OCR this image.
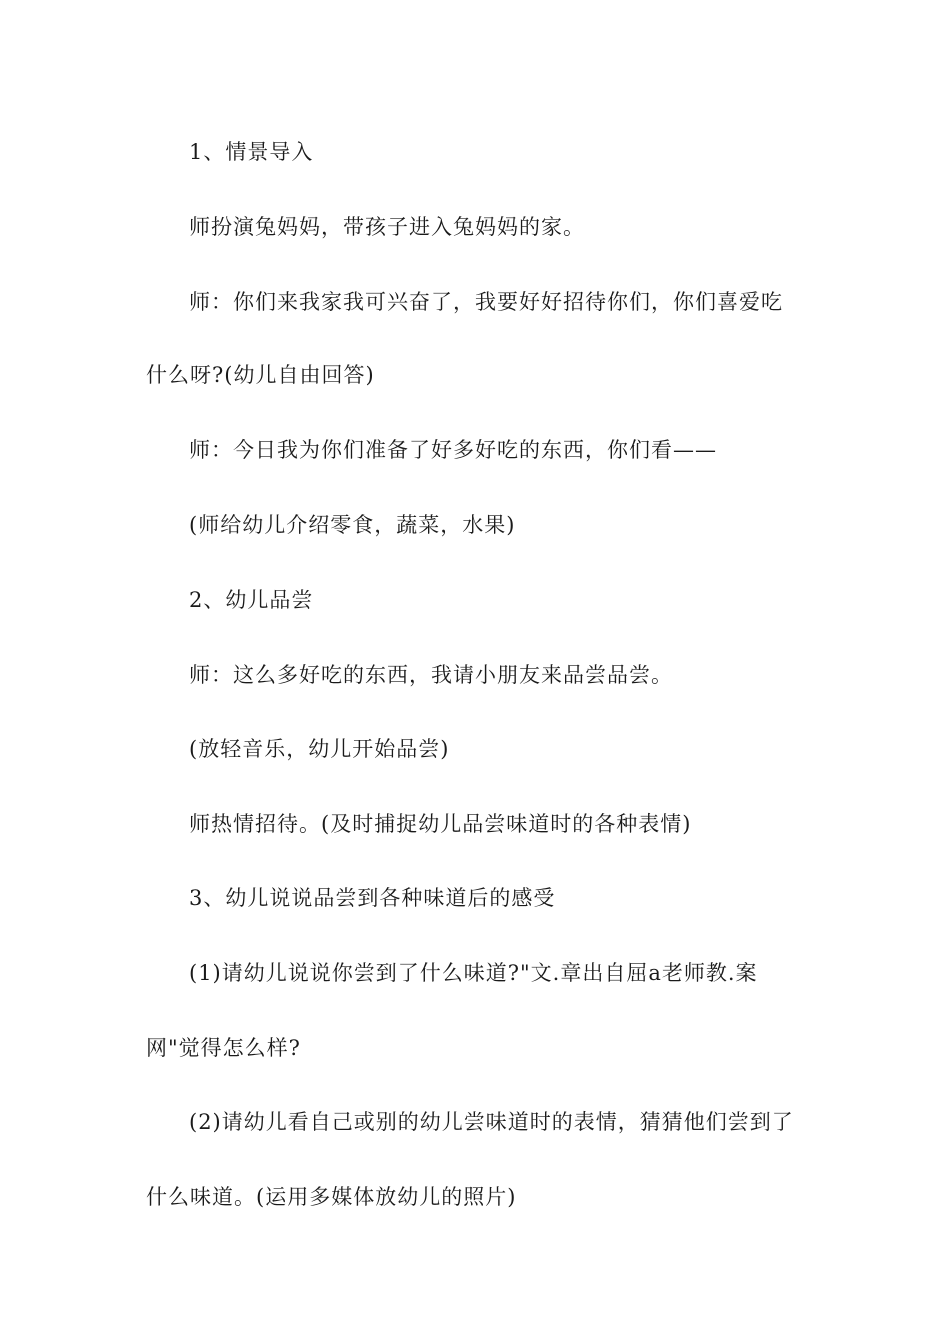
1、情景导入
师扮演兔妈妈，带孩子进入兔妈妈的家。
师：你们来我家我可兴奋了，我要好好招待你们，你们喜爱吃
什么呀?(幼儿自由回答)
师：今日我为你们准备了好多好吃的东西，你们看——
(师给幼儿介绍零食，蔬菜，水果)
2、幼儿品尝
师：这么多好吃的东西，我请小朋友来品尝品尝。
(放轻音乐，幼儿开始品尝)
师热情招待。(及时捕捉幼儿品尝味道时的各种表情)
3、幼儿说说品尝到各种味道后的感受
(1)请幼儿说说你尝到了什么味道?"文.章出自屈a老师教.案
网"觉得怎么样?
(2)请幼儿看自己或别的幼儿尝味道时的表情，猜猜他们尝到了
什么味道。(运用多媒体放幼儿的照片)
